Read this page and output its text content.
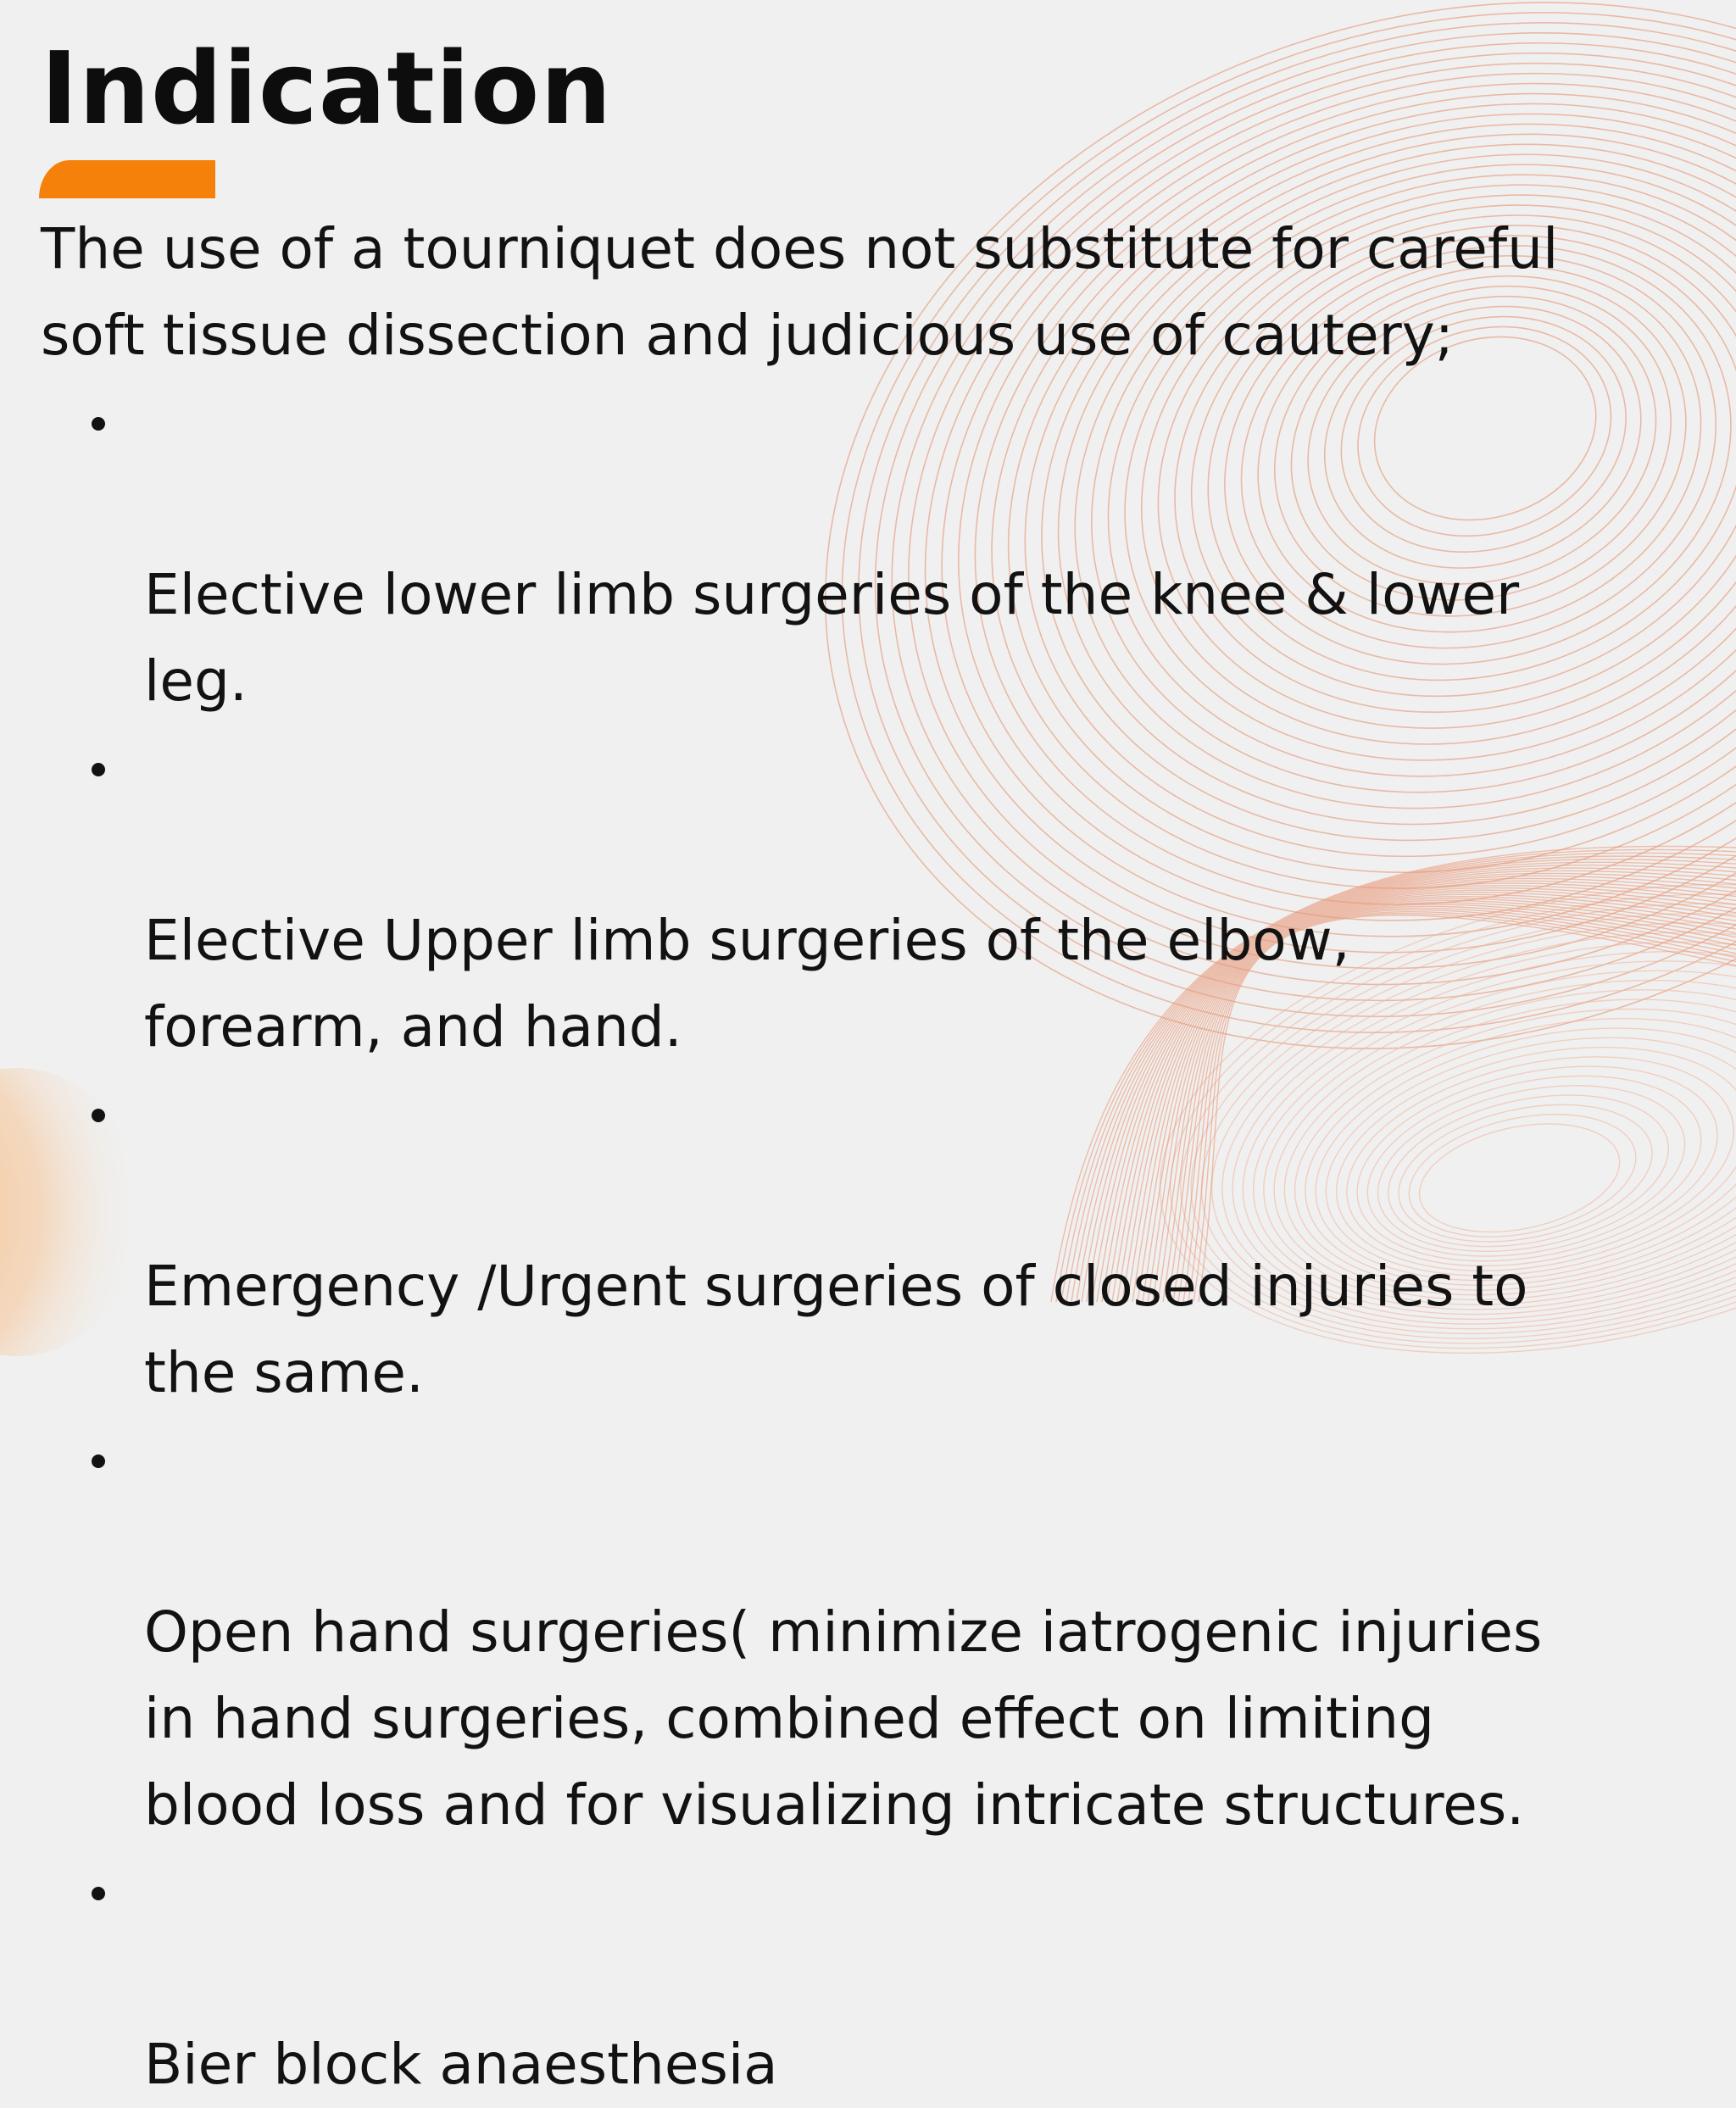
Indication

The use of a tourniquet does not substitute for careful
soft tissue dissection and judicious use of cautery;

Elective lower limb surgeries of the knee & lower
leg.

Elective Upper limb surgeries of the elbow,
forearm, and hand.

Emergency /Urgent surgeries of closed injuries to
the same.

Open hand surgeries( minimize iatrogenic injuries
in hand surgeries, combined effect on limiting
blood loss and for visualizing intricate structures.

Bier block anaesthesia
